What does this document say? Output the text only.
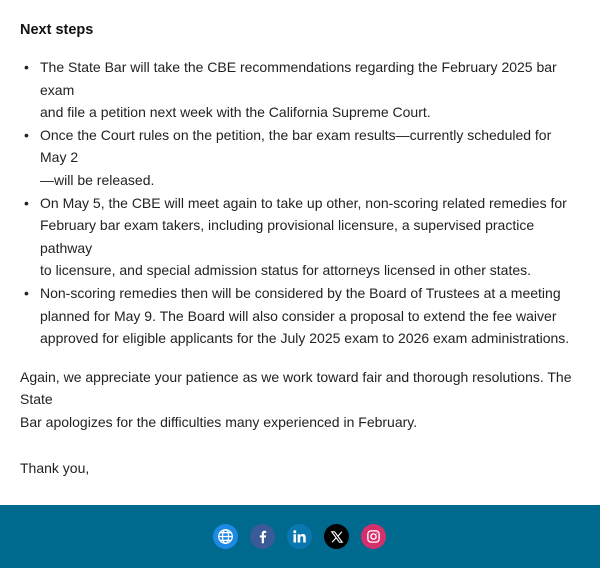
Next steps
• The State Bar will take the CBE recommendations regarding the February 2025 bar exam
and file a petition next week with the California Supreme Court.
• Once the Court rules on the petition, the bar exam results—currently scheduled for May 2
—will be released.
• On May 5, the CBE will meet again to take up other, non-scoring related remedies for
February bar exam takers, including provisional licensure, a supervised practice pathway
to licensure, and special admission status for attorneys licensed in other states.
• Non-scoring remedies then will be considered by the Board of Trustees at a meeting
planned for May 9. The Board will also consider a proposal to extend the fee waiver
approved for eligible applicants for the July 2025 exam to 2026 exam administrations.

Again, we appreciate your patience as we work toward fair and thorough resolutions. The State
Bar apologizes for the difficulties many experienced in February.

Thank you,
